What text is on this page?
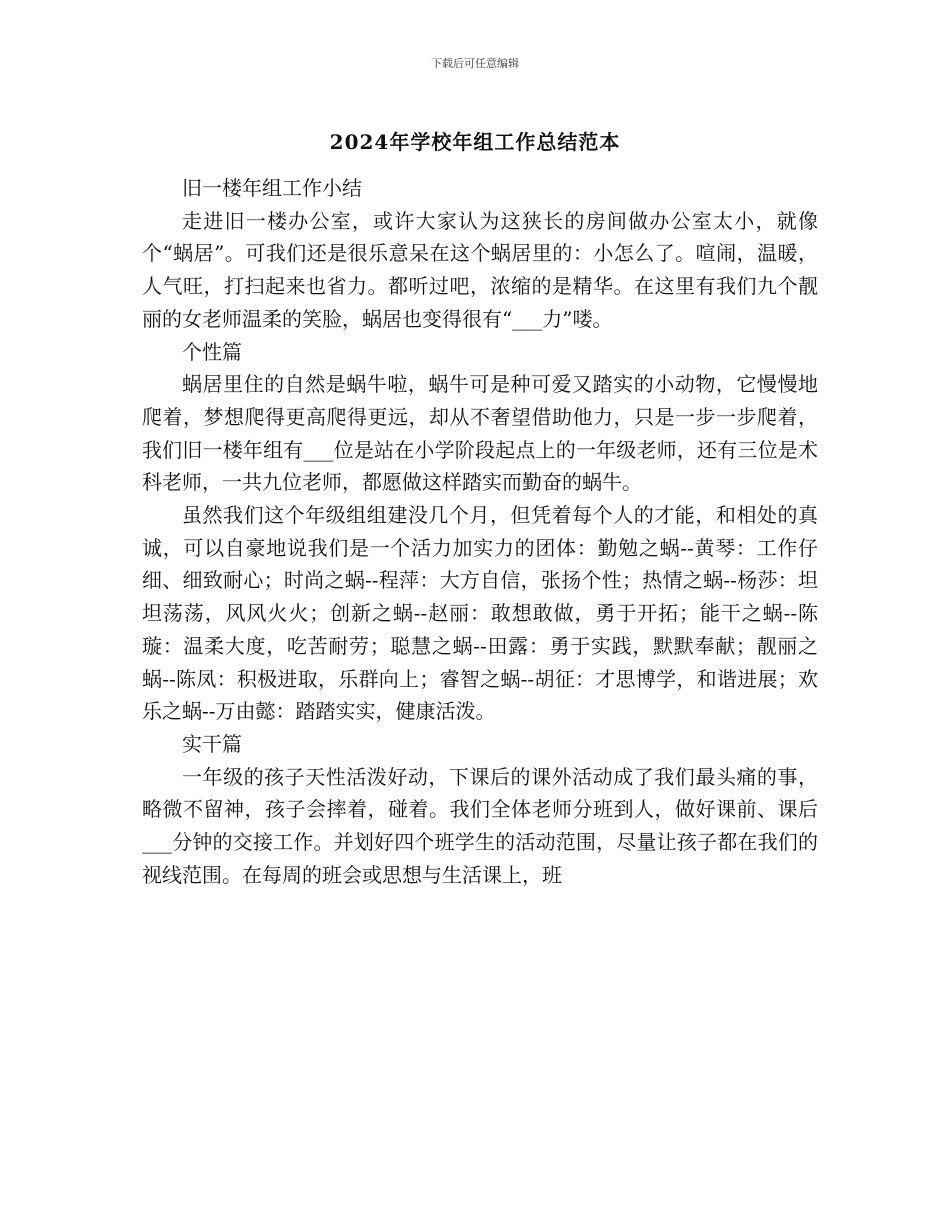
下载后可任意编辑
2024年学校年组工作总结范本

旧一楼年组工作小结

走进旧一楼办公室，或许大家认为这狭长的房间做办公室太小，就像个“蜗居”。可我们还是很乐意呆在这个蜗居里的：小怎么了。喧闹，温暖，人气旺，打扫起来也省力。都听过吧，浓缩的是精华。在这里有我们九个靓丽的女老师温柔的笑脸，蜗居也变得很有“___力”喽。

个性篇

蜗居里住的自然是蜗牛啦，蜗牛可是种可爱又踏实的小动物，它慢慢地爬着，梦想爬得更高爬得更远，却从不奢望借助他力，只是一步一步爬着，我们旧一楼年组有___位是站在小学阶段起点上的一年级老师，还有三位是术科老师，一共九位老师，都愿做这样踏实而勤奋的蜗牛。

虽然我们这个年级组组建没几个月，但凭着每个人的才能，和相处的真诚，可以自豪地说我们是一个活力加实力的团体：勤勉之蜗--黄琴：工作仔细、细致耐心；时尚之蜗--程萍：大方自信，张扬个性；热情之蜗--杨莎：坦坦荡荡，风风火火；创新之蜗--赵丽：敢想敢做，勇于开拓；能干之蜗--陈璇：温柔大度，吃苦耐劳；聪慧之蜗--田露：勇于实践，默默奉献；靓丽之蜗--陈凤：积极进取，乐群向上；睿智之蜗--胡征：才思博学，和谐进展；欢乐之蜗--万由懿：踏踏实实，健康活泼。

实干篇

一年级的孩子天性活泼好动，下课后的课外活动成了我们最头痛的事，略微不留神，孩子会摔着，碰着。我们全体老师分班到人，做好课前、课后___分钟的交接工作。并划好四个班学生的活动范围，尽量让孩子都在我们的视线范围。在每周的班会或思想与生活课上，班
